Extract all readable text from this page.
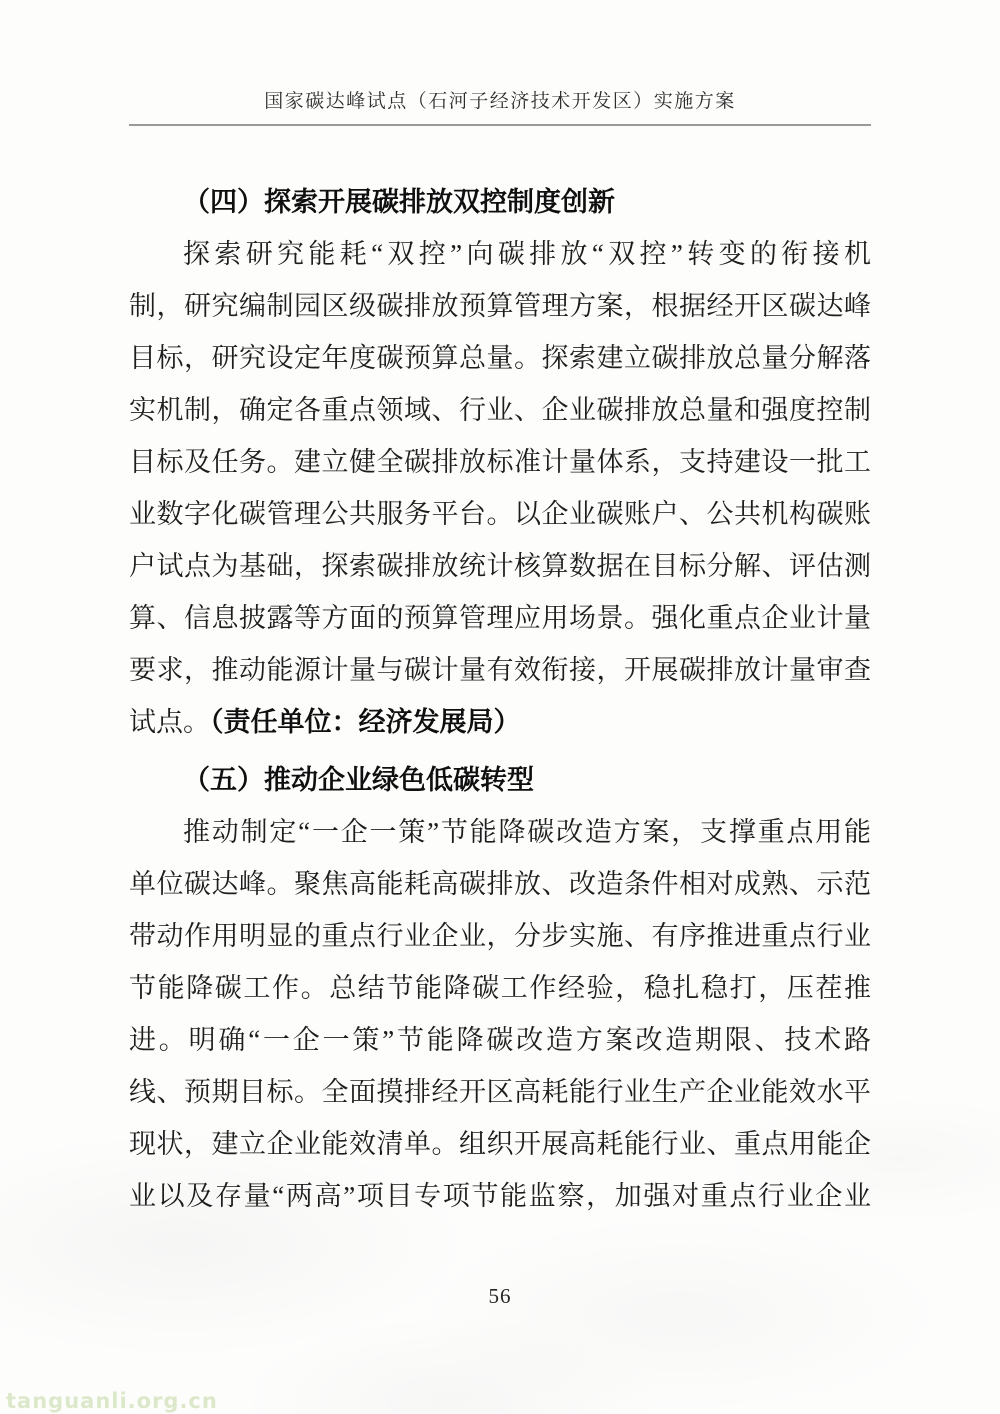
国家碳达峰试点（石河子经济技术开发区）实施方案
（四）探索开展碳排放双控制度创新
探索研究能耗“双控”向碳排放“双控”转变的衔接机
制，研究编制园区级碳排放预算管理方案，根据经开区碳达峰
目标，研究设定年度碳预算总量。探索建立碳排放总量分解落
实机制，确定各重点领域、行业、企业碳排放总量和强度控制
目标及任务。建立健全碳排放标准计量体系，支持建设一批工
业数字化碳管理公共服务平台。以企业碳账户、公共机构碳账
户试点为基础，探索碳排放统计核算数据在目标分解、评估测
算、信息披露等方面的预算管理应用场景。强化重点企业计量
要求，推动能源计量与碳计量有效衔接，开展碳排放计量审查
试点。（责任单位：经济发展局）
（五）推动企业绿色低碳转型
推动制定“一企一策”节能降碳改造方案，支撑重点用能
单位碳达峰。聚焦高能耗高碳排放、改造条件相对成熟、示范
带动作用明显的重点行业企业，分步实施、有序推进重点行业
节能降碳工作。总结节能降碳工作经验，稳扎稳打，压茬推
进。明确“一企一策”节能降碳改造方案改造期限、技术路
线、预期目标。全面摸排经开区高耗能行业生产企业能效水平
现状，建立企业能效清单。组织开展高耗能行业、重点用能企
业以及存量“两高”项目专项节能监察，加强对重点行业企业
56
tanguanli.org.cn
